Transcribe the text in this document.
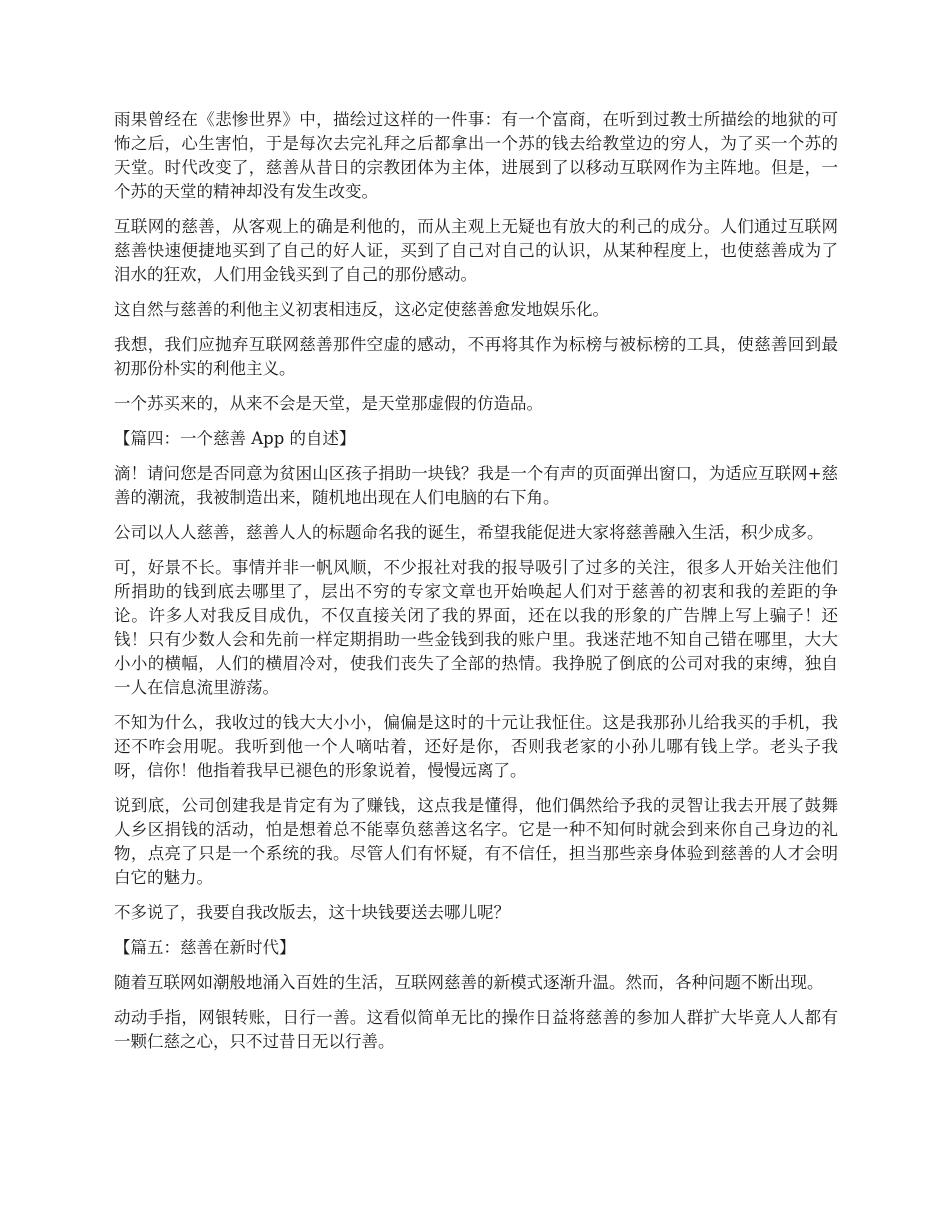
雨果曾经在《悲惨世界》中，描绘过这样的一件事：有一个富商，在听到过教士所描绘的地狱的可怖之后，心生害怕，于是每次去完礼拜之后都拿出一个苏的钱去给教堂边的穷人，为了买一个苏的天堂。时代改变了，慈善从昔日的宗教团体为主体，进展到了以移动互联网作为主阵地。但是，一个苏的天堂的精神却没有发生改变。

互联网的慈善，从客观上的确是利他的，而从主观上无疑也有放大的利己的成分。人们通过互联网慈善快速便捷地买到了自己的好人证，买到了自己对自己的认识，从某种程度上，也使慈善成为了泪水的狂欢，人们用金钱买到了自己的那份感动。

这自然与慈善的利他主义初衷相违反，这必定使慈善愈发地娱乐化。

我想，我们应抛弃互联网慈善那件空虚的感动，不再将其作为标榜与被标榜的工具，使慈善回到最初那份朴实的利他主义。

一个苏买来的，从来不会是天堂，是天堂那虚假的仿造品。

【篇四：一个慈善 App 的自述】

滴！请问您是否同意为贫困山区孩子捐助一块钱？我是一个有声的页面弹出窗口，为适应互联网+慈善的潮流，我被制造出来，随机地出现在人们电脑的右下角。

公司以人人慈善，慈善人人的标题命名我的诞生，希望我能促进大家将慈善融入生活，积少成多。

可，好景不长。事情并非一帆风顺，不少报社对我的报导吸引了过多的关注，很多人开始关注他们所捐助的钱到底去哪里了，层出不穷的专家文章也开始唤起人们对于慈善的初衷和我的差距的争论。许多人对我反目成仇，不仅直接关闭了我的界面，还在以我的形象的广告牌上写上骗子！还钱！只有少数人会和先前一样定期捐助一些金钱到我的账户里。我迷茫地不知自己错在哪里，大大小小的横幅，人们的横眉冷对，使我们丧失了全部的热情。我挣脱了倒底的公司对我的束缚，独自一人在信息流里游荡。

不知为什么，我收过的钱大大小小，偏偏是这时的十元让我怔住。这是我那孙儿给我买的手机，我还不咋会用呢。我听到他一个人嘀咕着，还好是你，否则我老家的小孙儿哪有钱上学。老头子我呀，信你！他指着我早已褪色的形象说着，慢慢远离了。

说到底，公司创建我是肯定有为了赚钱，这点我是懂得，他们偶然给予我的灵智让我去开展了鼓舞人乡区捐钱的活动，怕是想着总不能辜负慈善这名字。它是一种不知何时就会到来你自己身边的礼物，点亮了只是一个系统的我。尽管人们有怀疑，有不信任，担当那些亲身体验到慈善的人才会明白它的魅力。

不多说了，我要自我改版去，这十块钱要送去哪儿呢？

【篇五：慈善在新时代】

随着互联网如潮般地涌入百姓的生活，互联网慈善的新模式逐渐升温。然而，各种问题不断出现。

动动手指，网银转账，日行一善。这看似简单无比的操作日益将慈善的参加人群扩大毕竟人人都有一颗仁慈之心，只不过昔日无以行善。
